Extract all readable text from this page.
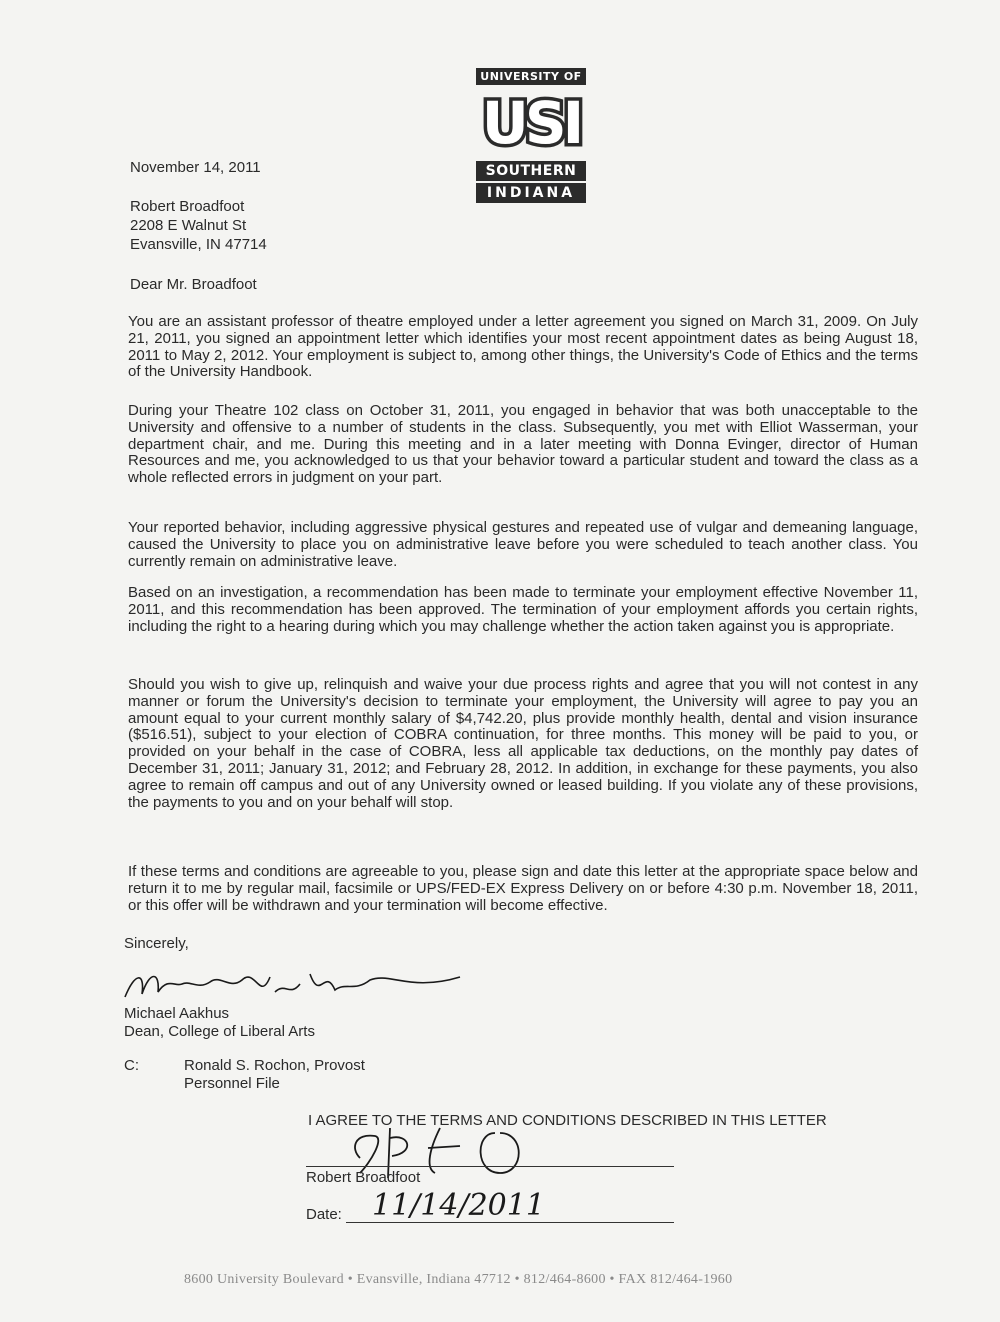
UNIVERSITY OF
USI
SOUTHERN
INDIANA
November 14, 2011
Robert Broadfoot
2208 E Walnut St
Evansville, IN 47714
Dear Mr. Broadfoot

You are an assistant professor of theatre employed under a letter agreement you signed on March 31, 2009. On July 21, 2011, you signed an appointment letter which identifies your most recent appointment dates as being August 18, 2011 to May 2, 2012. Your employment is subject to, among other things, the University's Code of Ethics and the terms of the University Handbook.

During your Theatre 102 class on October 31, 2011, you engaged in behavior that was both unacceptable to the University and offensive to a number of students in the class. Subsequently, you met with Elliot Wasserman, your department chair, and me. During this meeting and in a later meeting with Donna Evinger, director of Human Resources and me, you acknowledged to us that your behavior toward a particular student and toward the class as a whole reflected errors in judgment on your part.

Your reported behavior, including aggressive physical gestures and repeated use of vulgar and demeaning language, caused the University to place you on administrative leave before you were scheduled to teach another class. You currently remain on administrative leave.

Based on an investigation, a recommendation has been made to terminate your employment effective November 11, 2011, and this recommendation has been approved. The termination of your employment affords you certain rights, including the right to a hearing during which you may challenge whether the action taken against you is appropriate.

Should you wish to give up, relinquish and waive your due process rights and agree that you will not contest in any manner or forum the University's decision to terminate your employment, the University will agree to pay you an amount equal to your current monthly salary of $4,742.20, plus provide monthly health, dental and vision insurance ($516.51), subject to your election of COBRA continuation, for three months. This money will be paid to you, or provided on your behalf in the case of COBRA, less all applicable tax deductions, on the monthly pay dates of December 31, 2011; January 31, 2012; and February 28, 2012. In addition, in exchange for these payments, you also agree to remain off campus and out of any University owned or leased building. If you violate any of these provisions, the payments to you and on your behalf will stop.

If these terms and conditions are agreeable to you, please sign and date this letter at the appropriate space below and return it to me by regular mail, facsimile or UPS/FED-EX Express Delivery on or before 4:30 p.m. November 18, 2011, or this offer will be withdrawn and your termination will become effective.

Sincerely,
Michael Aakhus
Dean, College of Liberal Arts
C:	Ronald S. Rochon, Provost
Personnel File
I AGREE TO THE TERMS AND CONDITIONS DESCRIBED IN THIS LETTER
Robert Broadfoot
Date: 11/14/2011
8600 University Boulevard • Evansville, Indiana 47712 • 812/464-8600 • FAX 812/464-1960
